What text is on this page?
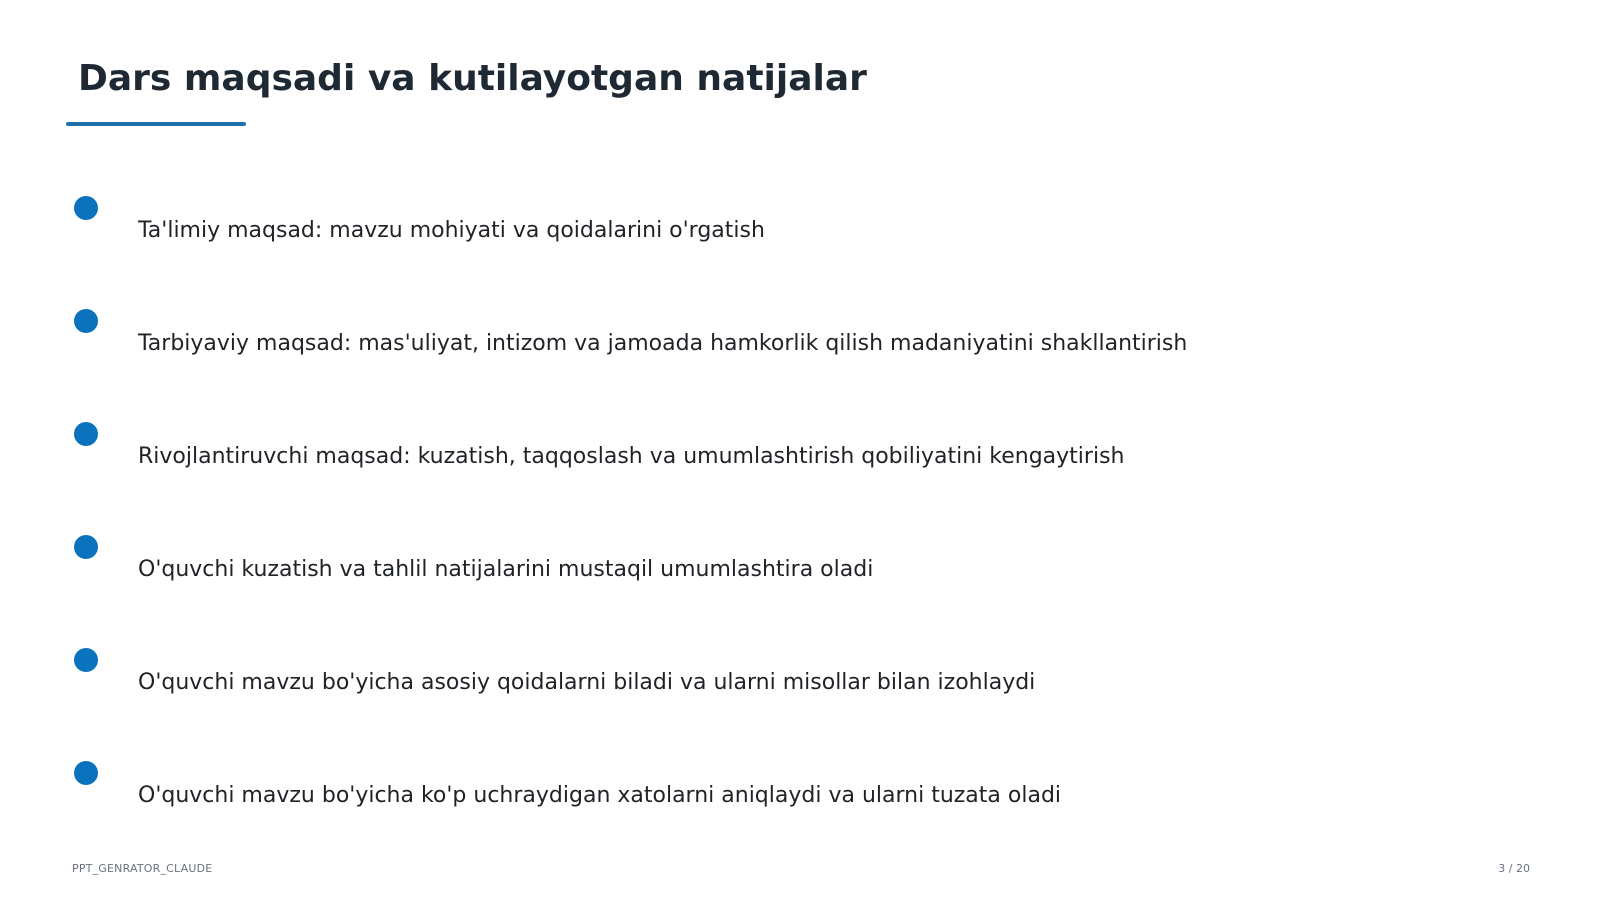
Dars maqsadi va kutilayotgan natijalar
Ta'limiy maqsad: mavzu mohiyati va qoidalarini o'rgatish
Tarbiyaviy maqsad: mas'uliyat, intizom va jamoada hamkorlik qilish madaniyatini shakllantirish
Rivojlantiruvchi maqsad: kuzatish, taqqoslash va umumlashtirish qobiliyatini kengaytirish
O'quvchi kuzatish va tahlil natijalarini mustaqil umumlashtira oladi
O'quvchi mavzu bo'yicha asosiy qoidalarni biladi va ularni misollar bilan izohlaydi
O'quvchi mavzu bo'yicha ko'p uchraydigan xatolarni aniqlaydi va ularni tuzata oladi
PPT_GENRATOR_CLAUDE	3 / 20
